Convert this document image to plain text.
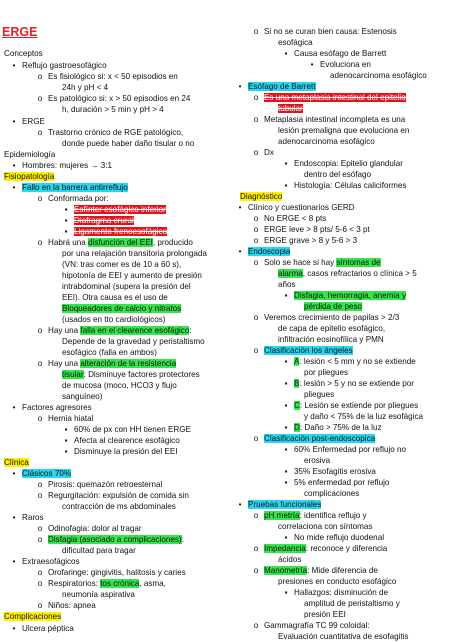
ERGE
Conceptos
• Reflujo gastroesofágico
o Es fisiológico si: x < 50 episodios en
24h y pH < 4
o Es patológico si: x > 50 episodios en 24
h, duración > 5 min y pH > 4
• ERGE
o Trastorno crónico de RGE patológico,
donde puede haber daño tisular o no
Epidemiología
• Hombres: mujeres → 3:1
Fisiopatología
• Fallo en la barrera antirreflujo
o Conformada por:
▪ Esfínter esofágico inferior
▪ Diafragma crural
▪ Ligamento frenoesofágico
o Habrá una disfunción del EEI, producido
por una relajación transitoria prolongada
(VN: tras comer es de 10 a 60 s),
hipotonía de EEI y aumento de presión
intrabdominal (supera la presión del
EEI). Otra causa es el uso de
Bloqueadores de calcio y nitratos
(usados en tto cardiológicos)
o Hay una falla en el clearence esofágico:
Depende de la gravedad y peristaltismo
esofágico (falla en ambos)
o Hay una alteración de la resistencia
tisular: Disminuye factores protectores
de mucosa (moco, HCO3 y flujo
sanguíneo)
• Factores agresores
o Hernia hiatal
▪ 60% de px con HH tienen ERGE
▪ Afecta al clearence esofágico
▪ Disminuye la presión del EEI
Clínica
• Clásicos 70%
o Pirosis: quemazón retroesternal
o Regurgitación: expulsión de comida sin
contracción de ms abdominales
• Raros
o Odinofagia: dolor al tragar
o Disfagia (asociado a complicaciones):
dificultad para tragar
• Extraesofágicos
o Orofaringe: gingivitis, halitosis y caries
o Respiratorios: tos crónica, asma,
neumonía aspirativa
o Niños: apnea
Complicaciones
• Ulcera péptica
o Si no se curan bien causa: Estenosis
esofágica
▪ Causa esófago de Barrett
• Evoluciona en
adenocarcinoma esofágico
• Esófago de Barrett
o Es una metaplasia intestinal del epitelio
tubular
o Metaplasia intestinal incompleta es una
lesión premaligna que evoluciona en
adenocarcinoma esofágico
o Dx
▪ Endoscopia: Epitelio glandular
dentro del esófago
▪ Histología: Células caliciformes
Diagnóstico
• Clínico y cuestionarios GERD
o No ERGE < 8 pts
o ERGE leve > 8 pts/ 5-6 < 3 pt
o ERGE grave > 8 y 5-6 > 3
• Endoscopia
o Solo se hace si hay síntomas de
alarma, casos refractarios o clínica > 5
años
▪ Disfagia, hemorragia, anemia y
pérdida de peso
o Veremos crecimiento de papilas > 2/3
de capa de epitelio esofágico,
infiltración eosinofílica y PMN
o Clasificación los ángeles
▪ A: lesión < 5 mm y no se extiende
por pliegues
▪ B: lesión > 5 y no se extiende por
pliegues
▪ C: Lesión se extiende por pliegues
y daño < 75% de la luz esofágica
▪ D: Daño > 75% de la luz
o Clasificación post-endoscopica
▪ 60% Enfermedad por reflujo no
erosiva
▪ 35% Esofagitis erosiva
▪ 5% enfermedad por reflujo
complicaciones
• Pruebas funcionales
o pH metría: identifica reflujo y
correlaciona con síntomas
▪ No mide reflujo duodenal
o Impedancia: reconoce y diferencia
ácidos
o Manometría: Mide diferencia de
presiones en conducto esofágico
▪ Hallazgos: disminución de
amplitud de peristaltismo y
presión EEI
o Gammagrafía TC 99 coloidal:
Evaluación cuantitativa de esofagitis
